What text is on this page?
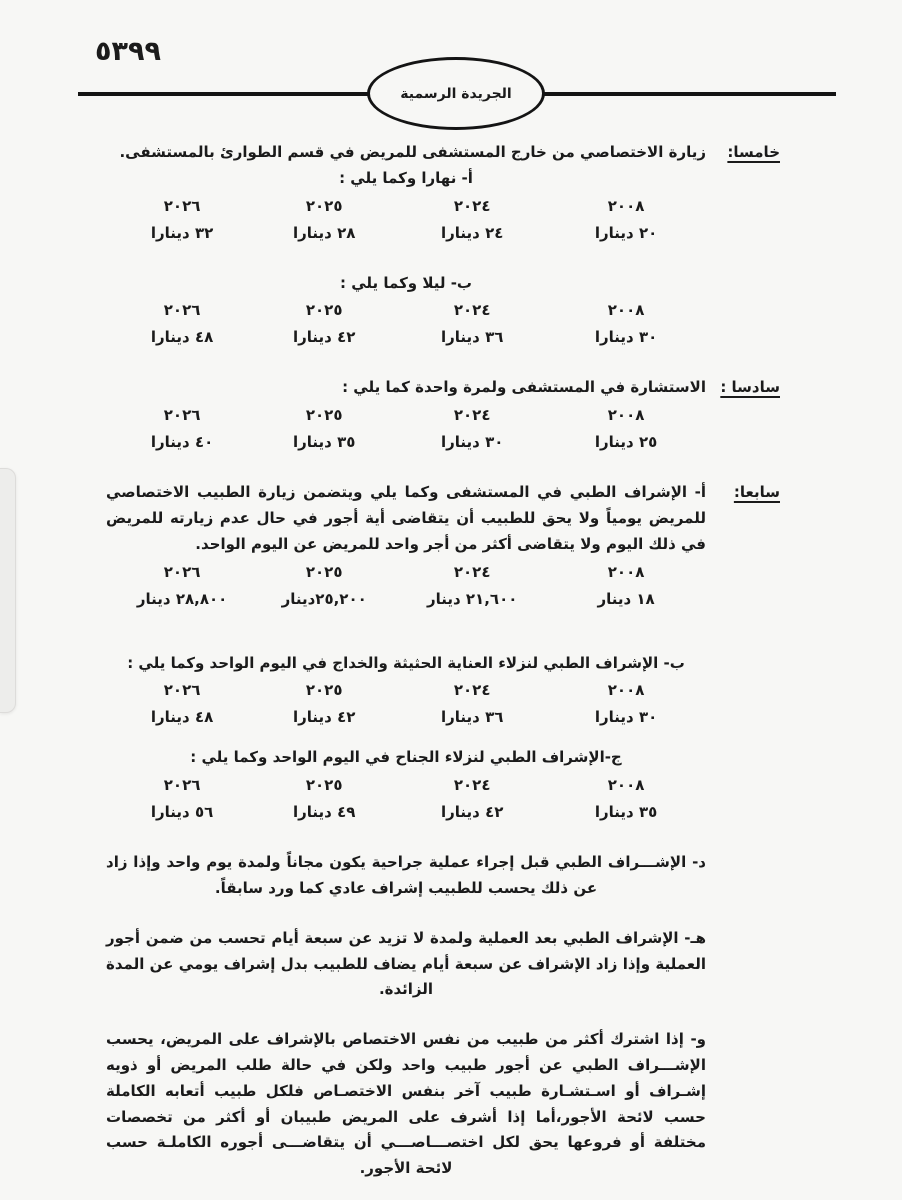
٥٣٩٩
الجريدة الرسمية
خامسا:

زيارة الاختصاصي من خارج المستشفى للمريض في قسم الطوارئ بالمستشفى.

أ- نهارا وكما يلي :

٢٠٠٨
٢٠٢٤
٢٠٢٥
٢٠٢٦
٢٠ دينارا
٢٤ دينارا
٢٨ دينارا
٣٢ دينارا

ب- ليلا وكما يلي :

٢٠٠٨
٢٠٢٤
٢٠٢٥
٢٠٢٦
٣٠ دينارا
٣٦ دينارا
٤٢ دينارا
٤٨ دينارا
سادسا :

الاستشارة في المستشفى ولمرة واحدة كما يلي :

٢٠٠٨
٢٠٢٤
٢٠٢٥
٢٠٢٦
٢٥ دينارا
٣٠ دينارا
٣٥ دينارا
٤٠ دينارا
سابعا:

أ- الإشراف الطبي في المستشفى وكما يلي ويتضمن زيارة الطبيب الاختصاصي للمريض يومياً ولا يحق للطبيب أن يتقاضى أية أجور في حال عدم زيارته للمريض في ذلك اليوم ولا يتقاضى أكثر من أجر واحد للمريض عن اليوم الواحد.

٢٠٠٨
٢٠٢٤
٢٠٢٥
٢٠٢٦
١٨ دينار
٢١,٦٠٠ دينار
٢٥,٢٠٠دينار
٢٨,٨٠٠ دينار

ب- الإشراف الطبي لنزلاء العناية الحثيثة والخداج في اليوم الواحد وكما يلي :

٢٠٠٨
٢٠٢٤
٢٠٢٥
٢٠٢٦
٣٠ دينارا
٣٦ دينارا
٤٢ دينارا
٤٨ دينارا

ج-الإشراف الطبي لنزلاء الجناح في اليوم الواحد وكما يلي :

٢٠٠٨
٢٠٢٤
٢٠٢٥
٢٠٢٦
٣٥ دينارا
٤٢ دينارا
٤٩ دينارا
٥٦ دينارا

د- الإشـــراف الطبي قبل إجراء عملية جراحية يكون مجاناً ولمدة يوم واحد وإذا زاد عن ذلك يحسب للطبيب إشراف عادي كما ورد سابقاً.

هـ- الإشراف الطبي بعد العملية ولمدة لا تزيد عن سبعة أيام تحسب من ضمن أجور العملية وإذا زاد الإشراف عن سبعة أيام يضاف للطبيب بدل إشراف يومي عن المدة الزائدة.

و- إذا اشترك أكثر من طبيب من نفس الاختصاص بالإشراف على المريض، يحسب الإشـــراف الطبي عن أجور طبيب واحد ولكن في حالة طلب المريض أو ذويه إشـراف أو اسـتشـارة طبيب آخر بنفس الاختصـاص فلكل طبيب أتعابه الكاملة حسب لائحة الأجور،أما إذا أشرف على المريض طبيبان أو أكثر من تخصصات مختلفة أو فروعها يحق لكل اختصـــاصـــي أن يتقاضـــى أجوره الكاملـة حسب لائحة الأجور.
